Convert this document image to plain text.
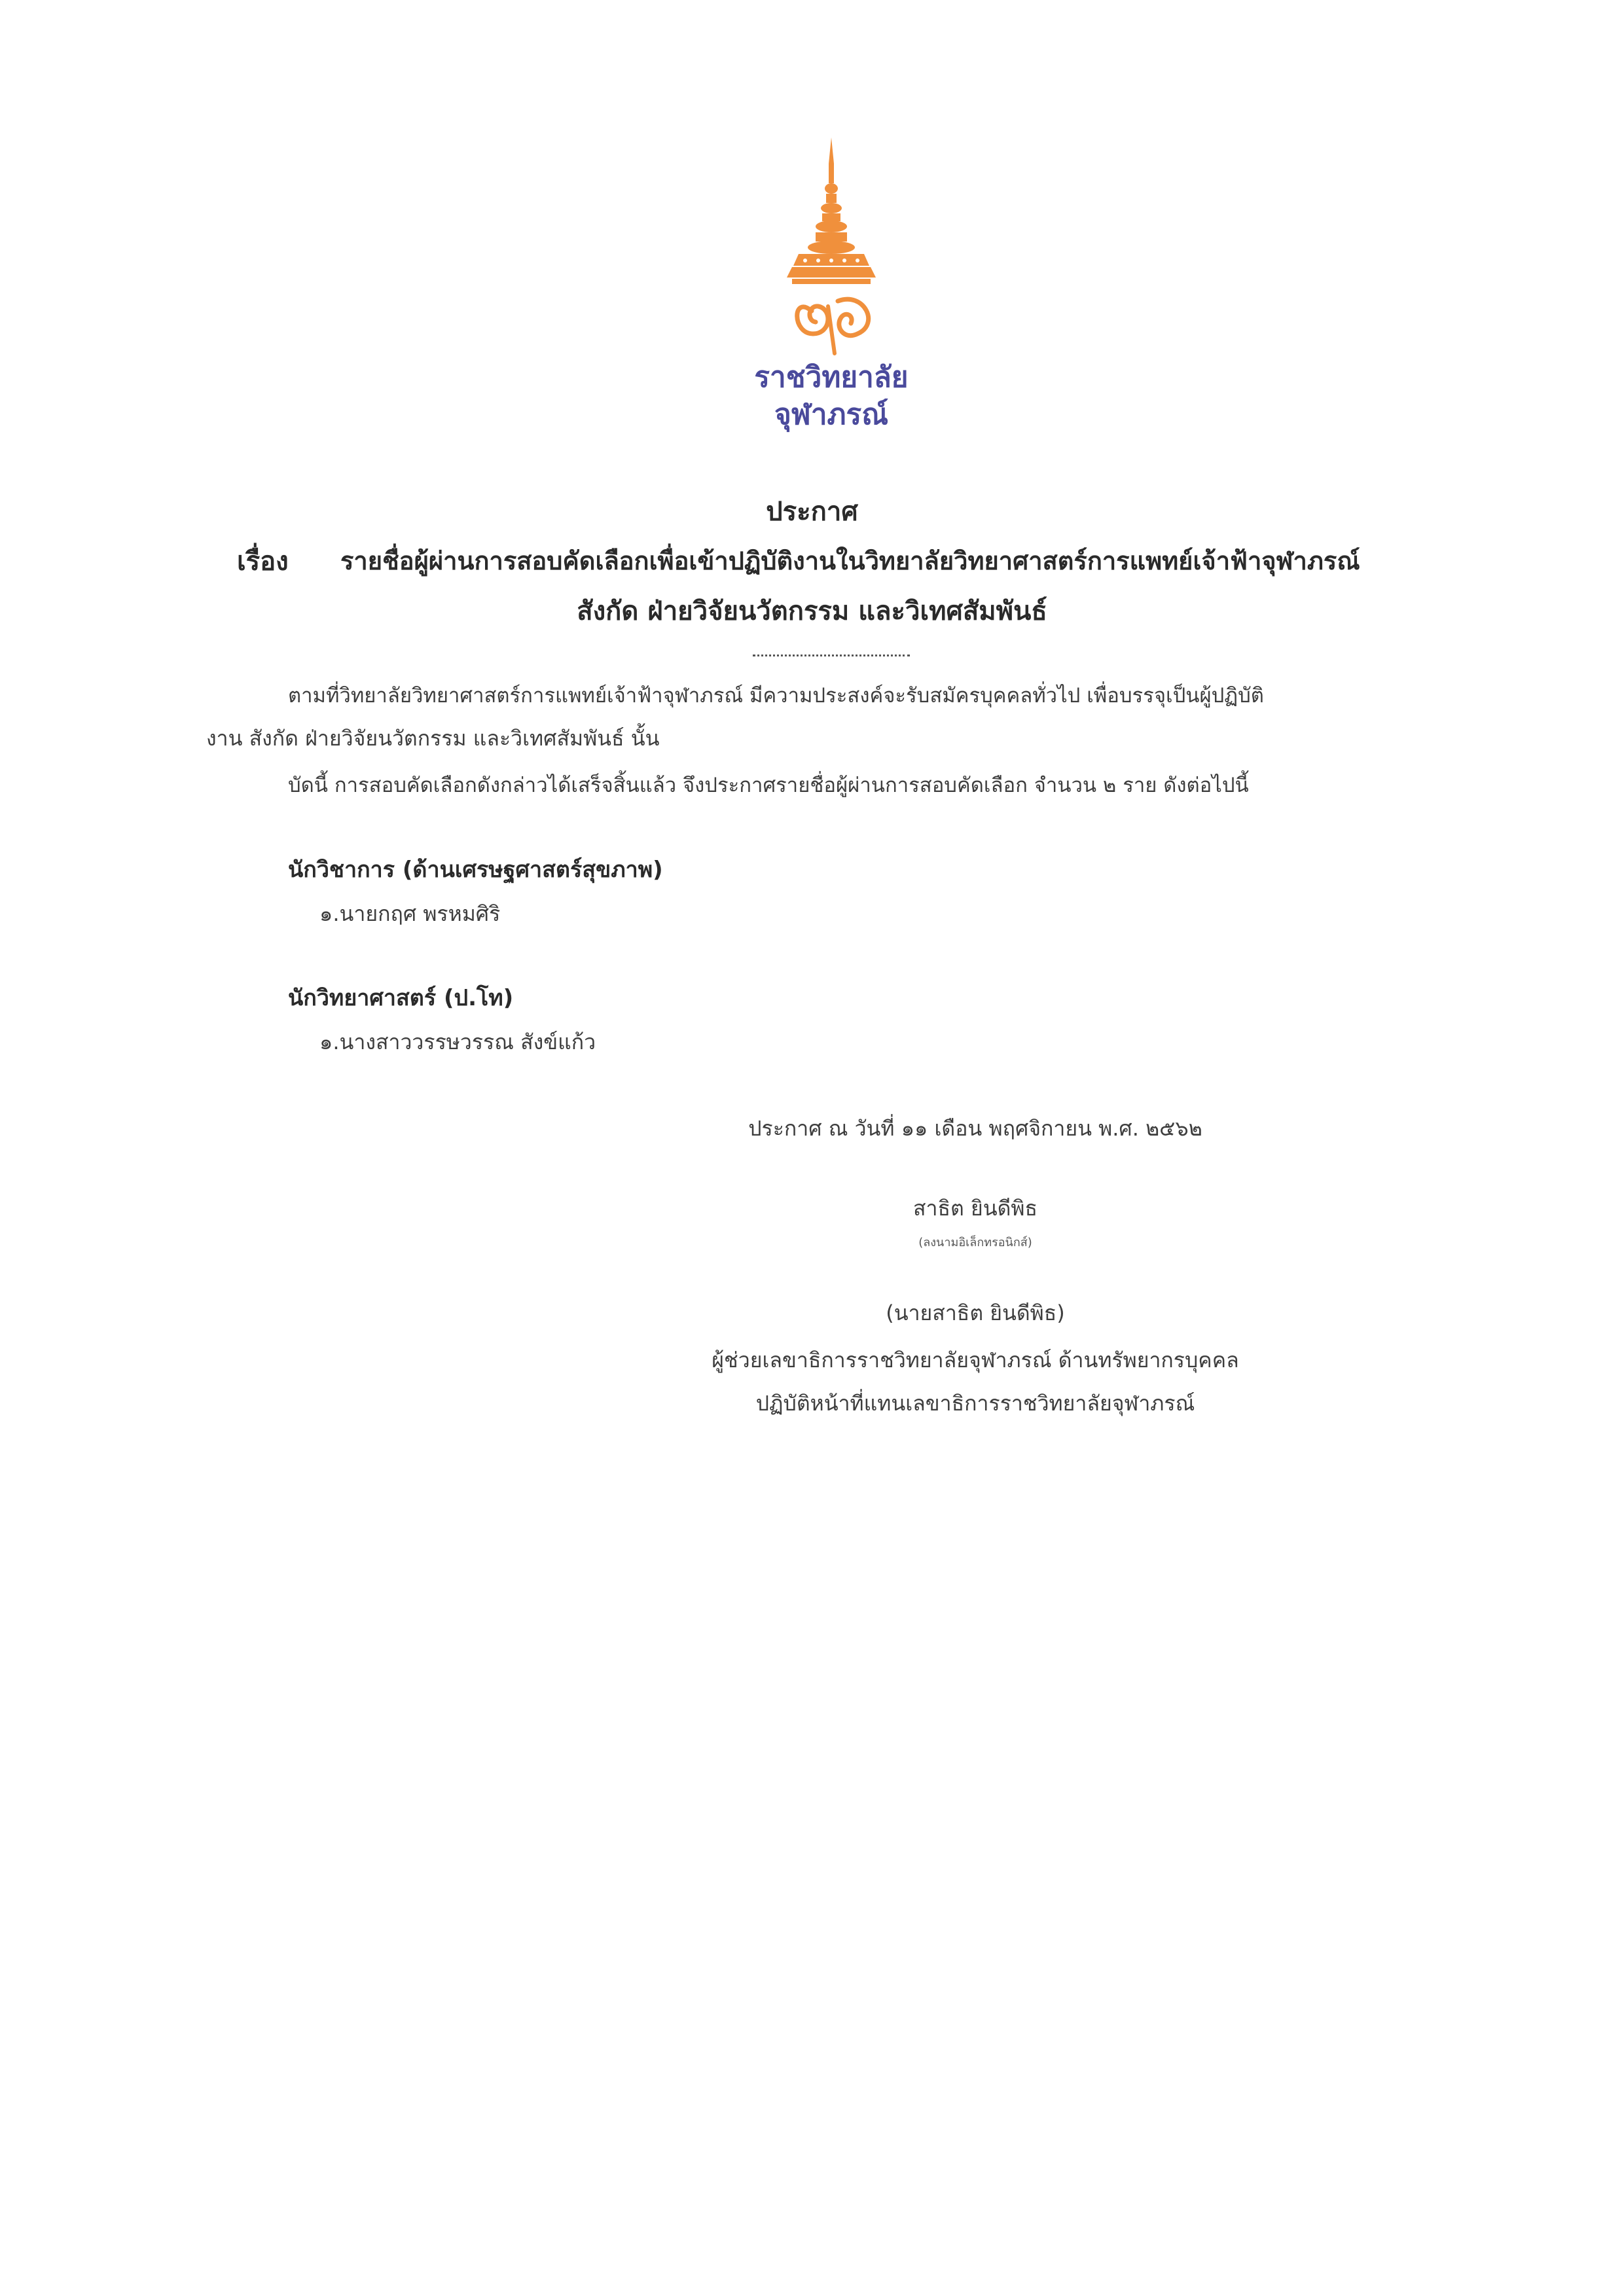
ราชวิทยาลัย
จุฬาภรณ์
ประกาศ
เรื่อง รายชื่อผู้ผ่านการสอบคัดเลือกเพื่อเข้าปฏิบัติงานในวิทยาลัยวิทยาศาสตร์การแพทย์เจ้าฟ้าจุฬาภรณ์
สังกัด ฝ่ายวิจัยนวัตกรรม และวิเทศสัมพันธ์
ตามที่วิทยาลัยวิทยาศาสตร์การแพทย์เจ้าฟ้าจุฬาภรณ์ มีความประสงค์จะรับสมัครบุคคลทั่วไป เพื่อบรรจุเป็นผู้ปฏิบัติ
งาน สังกัด ฝ่ายวิจัยนวัตกรรม และวิเทศสัมพันธ์ นั้น
บัดนี้ การสอบคัดเลือกดังกล่าวได้เสร็จสิ้นแล้ว จึงประกาศรายชื่อผู้ผ่านการสอบคัดเลือก จำนวน ๒ ราย ดังต่อไปนี้
นักวิชาการ (ด้านเศรษฐศาสตร์สุขภาพ)
๑.นายกฤศ พรหมศิริ
นักวิทยาศาสตร์ (ป.โท)
๑.นางสาววรรษวรรณ สังข์แก้ว
ประกาศ ณ วันที่ ๑๑ เดือน พฤศจิกายน พ.ศ. ๒๕๖๒
สาธิต ยินดีพิธ
(ลงนามอิเล็กทรอนิกส์)
(นายสาธิต ยินดีพิธ)
ผู้ช่วยเลขาธิการราชวิทยาลัยจุฬาภรณ์ ด้านทรัพยากรบุคคล
ปฏิบัติหน้าที่แทนเลขาธิการราชวิทยาลัยจุฬาภรณ์
